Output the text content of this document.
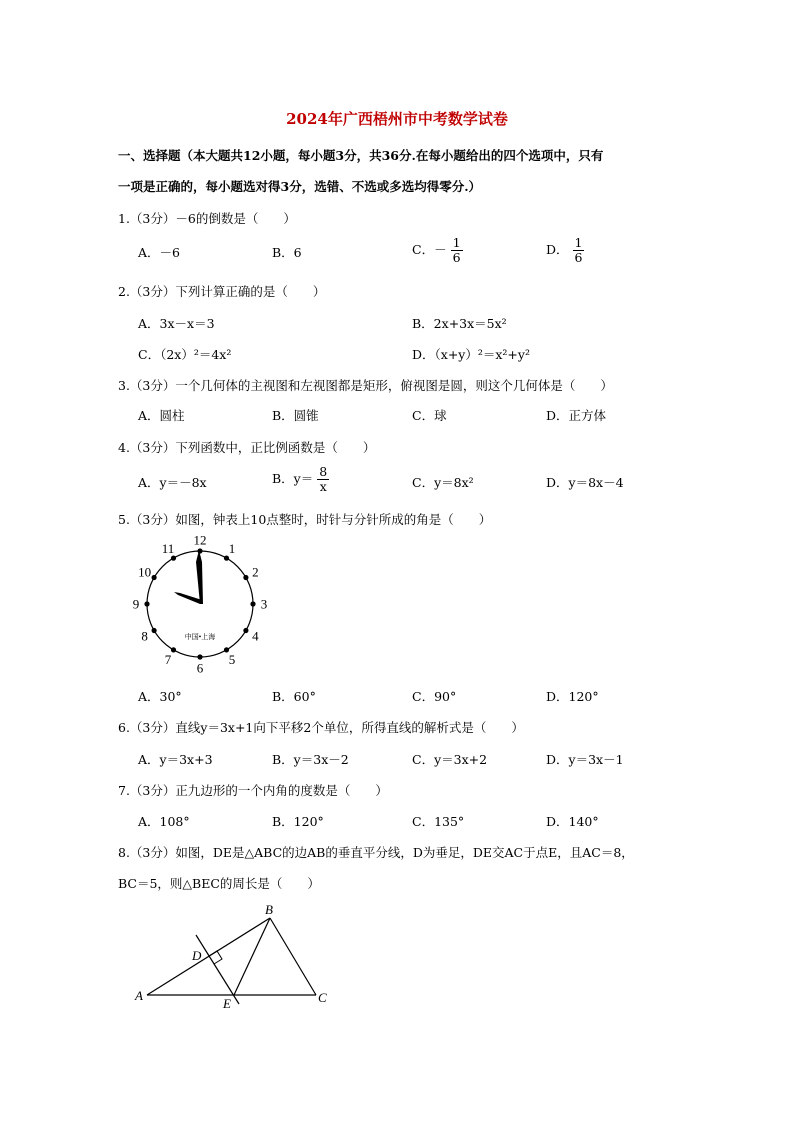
2024年广西梧州市中考数学试卷
一、选择题（本大题共12小题，每小题3分，共36分.在每小题给出的四个选项中，只有
一项是正确的，每小题选对得3分，选错、不选或多选均得零分.）
1.（3分）－6的倒数是（　　）
A．－6	B．6	C．－ $\frac{1}{6}$	D． $\frac{1}{6}$
2.（3分）下列计算正确的是（　　）
A．3x－x＝3	B．2x+3x＝5x²
C．（2x）²＝4x²	D．（x+y）²＝x²+y²
3.（3分）一个几何体的主视图和左视图都是矩形，俯视图是圆，则这个几何体是（　　）
A．圆柱	B．圆锥	C．球	D．正方体
4.（3分）下列函数中，正比例函数是（　　）
A．y＝－8x	B．$y= \frac{8}{x}$	C．y＝8x²	D．y＝8x－4
5.（3分）如图，钟表上10点整时，时针与分针所成的角是（　　）
12
1
2
3
4
5
6
7
8
9
10
11
中国•上海
A．30°	B．60°	C．90°	D．120°
6.（3分）直线y＝3x+1向下平移2个单位，所得直线的解析式是（　　）
A．y＝3x+3	B．y＝3x－2	C．y＝3x+2	D．y＝3x－1
7.（3分）正九边形的一个内角的度数是（　　）
A．108°	B．120°	C．135°	D．140°
8.（3分）如图，DE是△ABC的边AB的垂直平分线，D为垂足，DE交AC于点E，且AC＝8，
BC＝5，则△BEC的周长是（　　）
A
B
C
D
E
